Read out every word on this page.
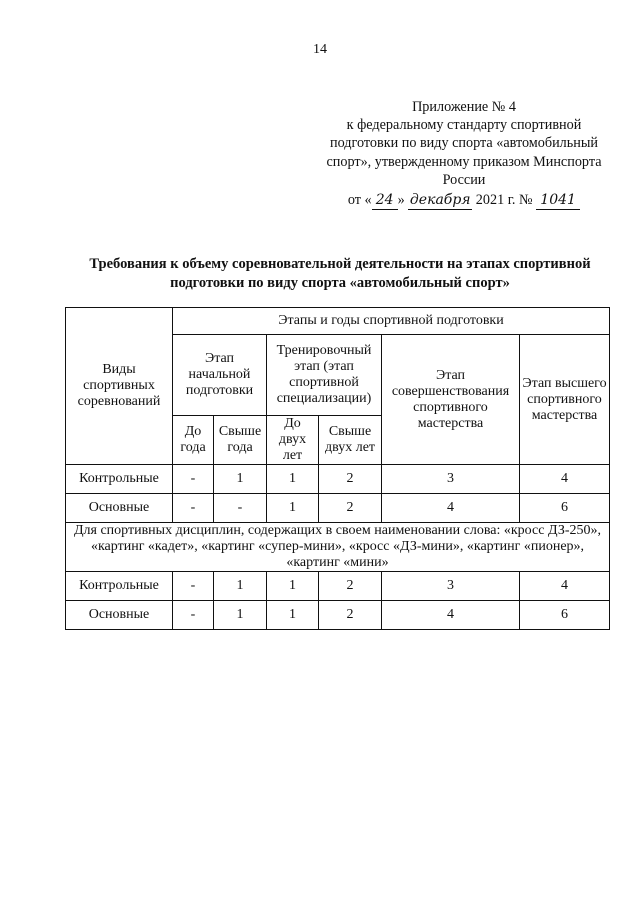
14
Приложение № 4
к федеральному стандарту спортивной
подготовки по виду спорта «автомобильный
спорт», утвержденному приказом Минспорта
России
от « 24 » декабря 2021 г. № 1041
Требования к объему соревновательной деятельности на этапах спортивной
подготовки по виду спорта «автомобильный спорт»
Виды спортивных соревнований	Этапы и годы спортивной подготовки					
	Этап начальной подготовки		Тренировочный этап (этап спортивной специализации)		Этап совершенствования спортивного мастерства	Этап высшего спортивного мастерства
	До года	Свыше года	До двух лет	Свыше двух лет		
Контрольные	-	1	1	2	3	4
Основные	-	-	1	2	4	6
Для спортивных дисциплин, содержащих в своем наименовании слова: «кросс ДЗ-250», «картинг «кадет», «картинг «супер-мини», «кросс «ДЗ-мини», «картинг «пионер», «картинг «мини»						
Контрольные	-	1	1	2	3	4
Основные	-	1	1	2	4	6
